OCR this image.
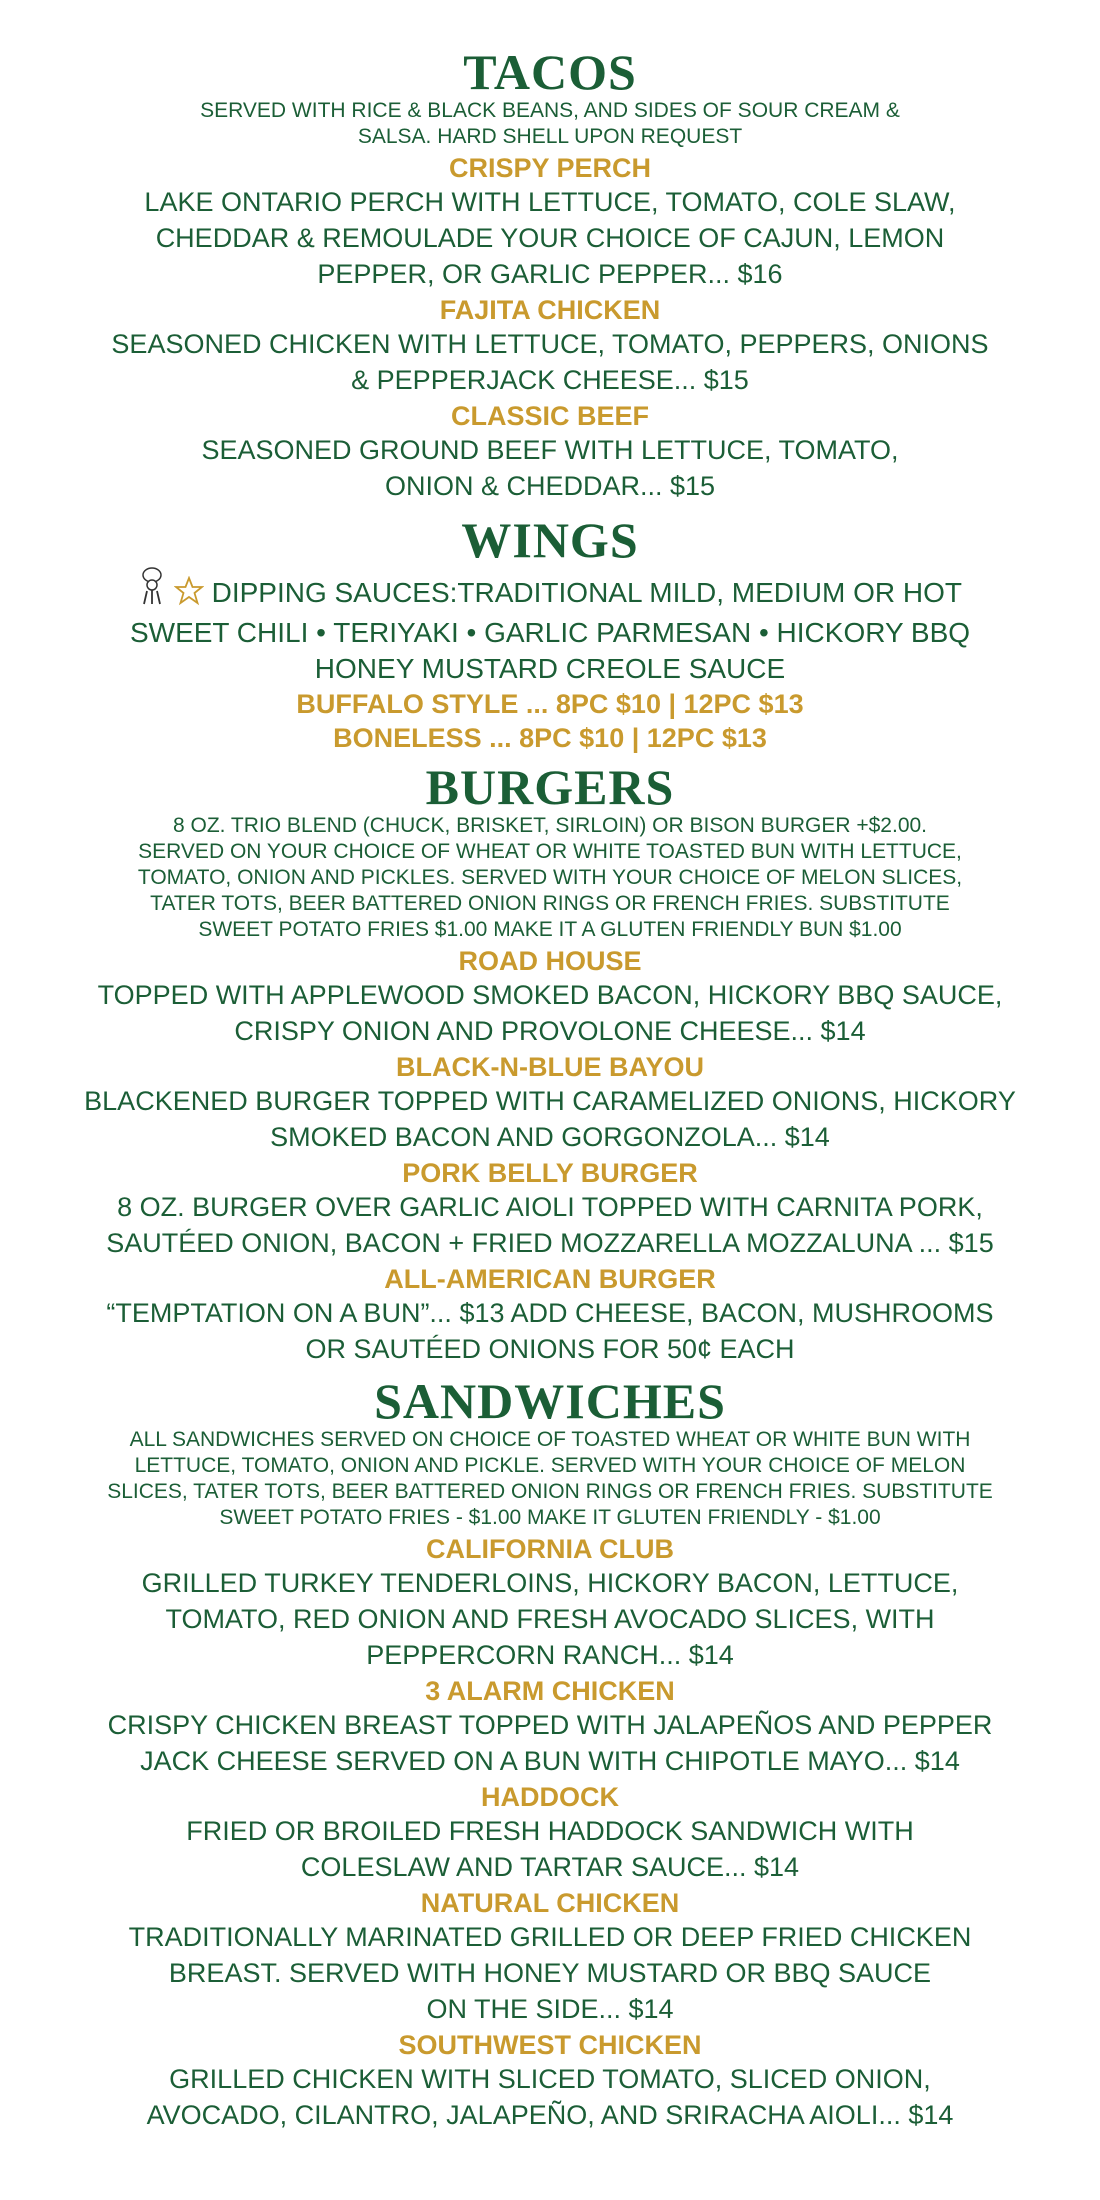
TACOS
SERVED WITH RICE & BLACK BEANS, AND SIDES OF SOUR CREAM &
SALSA. HARD SHELL UPON REQUEST
CRISPY PERCH
LAKE ONTARIO PERCH WITH LETTUCE, TOMATO, COLE SLAW,
CHEDDAR & REMOULADE YOUR CHOICE OF CAJUN, LEMON
PEPPER, OR GARLIC PEPPER... $16
FAJITA CHICKEN
SEASONED CHICKEN WITH LETTUCE, TOMATO, PEPPERS, ONIONS
& PEPPERJACK CHEESE... $15
CLASSIC BEEF
SEASONED GROUND BEEF WITH LETTUCE, TOMATO,
ONION & CHEDDAR... $15
WINGS
DIPPING SAUCES:TRADITIONAL MILD, MEDIUM OR HOT
SWEET CHILI • TERIYAKI • GARLIC PARMESAN • HICKORY BBQ
HONEY MUSTARD CREOLE SAUCE
BUFFALO STYLE ... 8PC $10 | 12PC $13
BONELESS ... 8PC $10 | 12PC $13
BURGERS
8 OZ. TRIO BLEND (CHUCK, BRISKET, SIRLOIN) OR BISON BURGER +$2.00.
SERVED ON YOUR CHOICE OF WHEAT OR WHITE TOASTED BUN WITH LETTUCE,
TOMATO, ONION AND PICKLES. SERVED WITH YOUR CHOICE OF MELON SLICES,
TATER TOTS, BEER BATTERED ONION RINGS OR FRENCH FRIES. SUBSTITUTE
SWEET POTATO FRIES $1.00 MAKE IT A GLUTEN FRIENDLY BUN $1.00
ROAD HOUSE
TOPPED WITH APPLEWOOD SMOKED BACON, HICKORY BBQ SAUCE,
CRISPY ONION AND PROVOLONE CHEESE... $14
BLACK-N-BLUE BAYOU
BLACKENED BURGER TOPPED WITH CARAMELIZED ONIONS, HICKORY
SMOKED BACON AND GORGONZOLA... $14
PORK BELLY BURGER
8 OZ. BURGER OVER GARLIC AIOLI TOPPED WITH CARNITA PORK,
SAUTÉED ONION, BACON + FRIED MOZZARELLA MOZZALUNA ... $15
ALL-AMERICAN BURGER
“TEMPTATION ON A BUN”... $13 ADD CHEESE, BACON, MUSHROOMS
OR SAUTÉED ONIONS FOR 50¢ EACH
SANDWICHES
ALL SANDWICHES SERVED ON CHOICE OF TOASTED WHEAT OR WHITE BUN WITH
LETTUCE, TOMATO, ONION AND PICKLE. SERVED WITH YOUR CHOICE OF MELON
SLICES, TATER TOTS, BEER BATTERED ONION RINGS OR FRENCH FRIES. SUBSTITUTE
SWEET POTATO FRIES - $1.00 MAKE IT GLUTEN FRIENDLY - $1.00
CALIFORNIA CLUB
GRILLED TURKEY TENDERLOINS, HICKORY BACON, LETTUCE,
TOMATO, RED ONION AND FRESH AVOCADO SLICES, WITH
PEPPERCORN RANCH... $14
3 ALARM CHICKEN
CRISPY CHICKEN BREAST TOPPED WITH JALAPEÑOS AND PEPPER
JACK CHEESE SERVED ON A BUN WITH CHIPOTLE MAYO... $14
HADDOCK
FRIED OR BROILED FRESH HADDOCK SANDWICH WITH
COLESLAW AND TARTAR SAUCE... $14
NATURAL CHICKEN
TRADITIONALLY MARINATED GRILLED OR DEEP FRIED CHICKEN
BREAST. SERVED WITH HONEY MUSTARD OR BBQ SAUCE
ON THE SIDE... $14
SOUTHWEST CHICKEN
GRILLED CHICKEN WITH SLICED TOMATO, SLICED ONION,
AVOCADO, CILANTRO, JALAPEÑO, AND SRIRACHA AIOLI... $14
